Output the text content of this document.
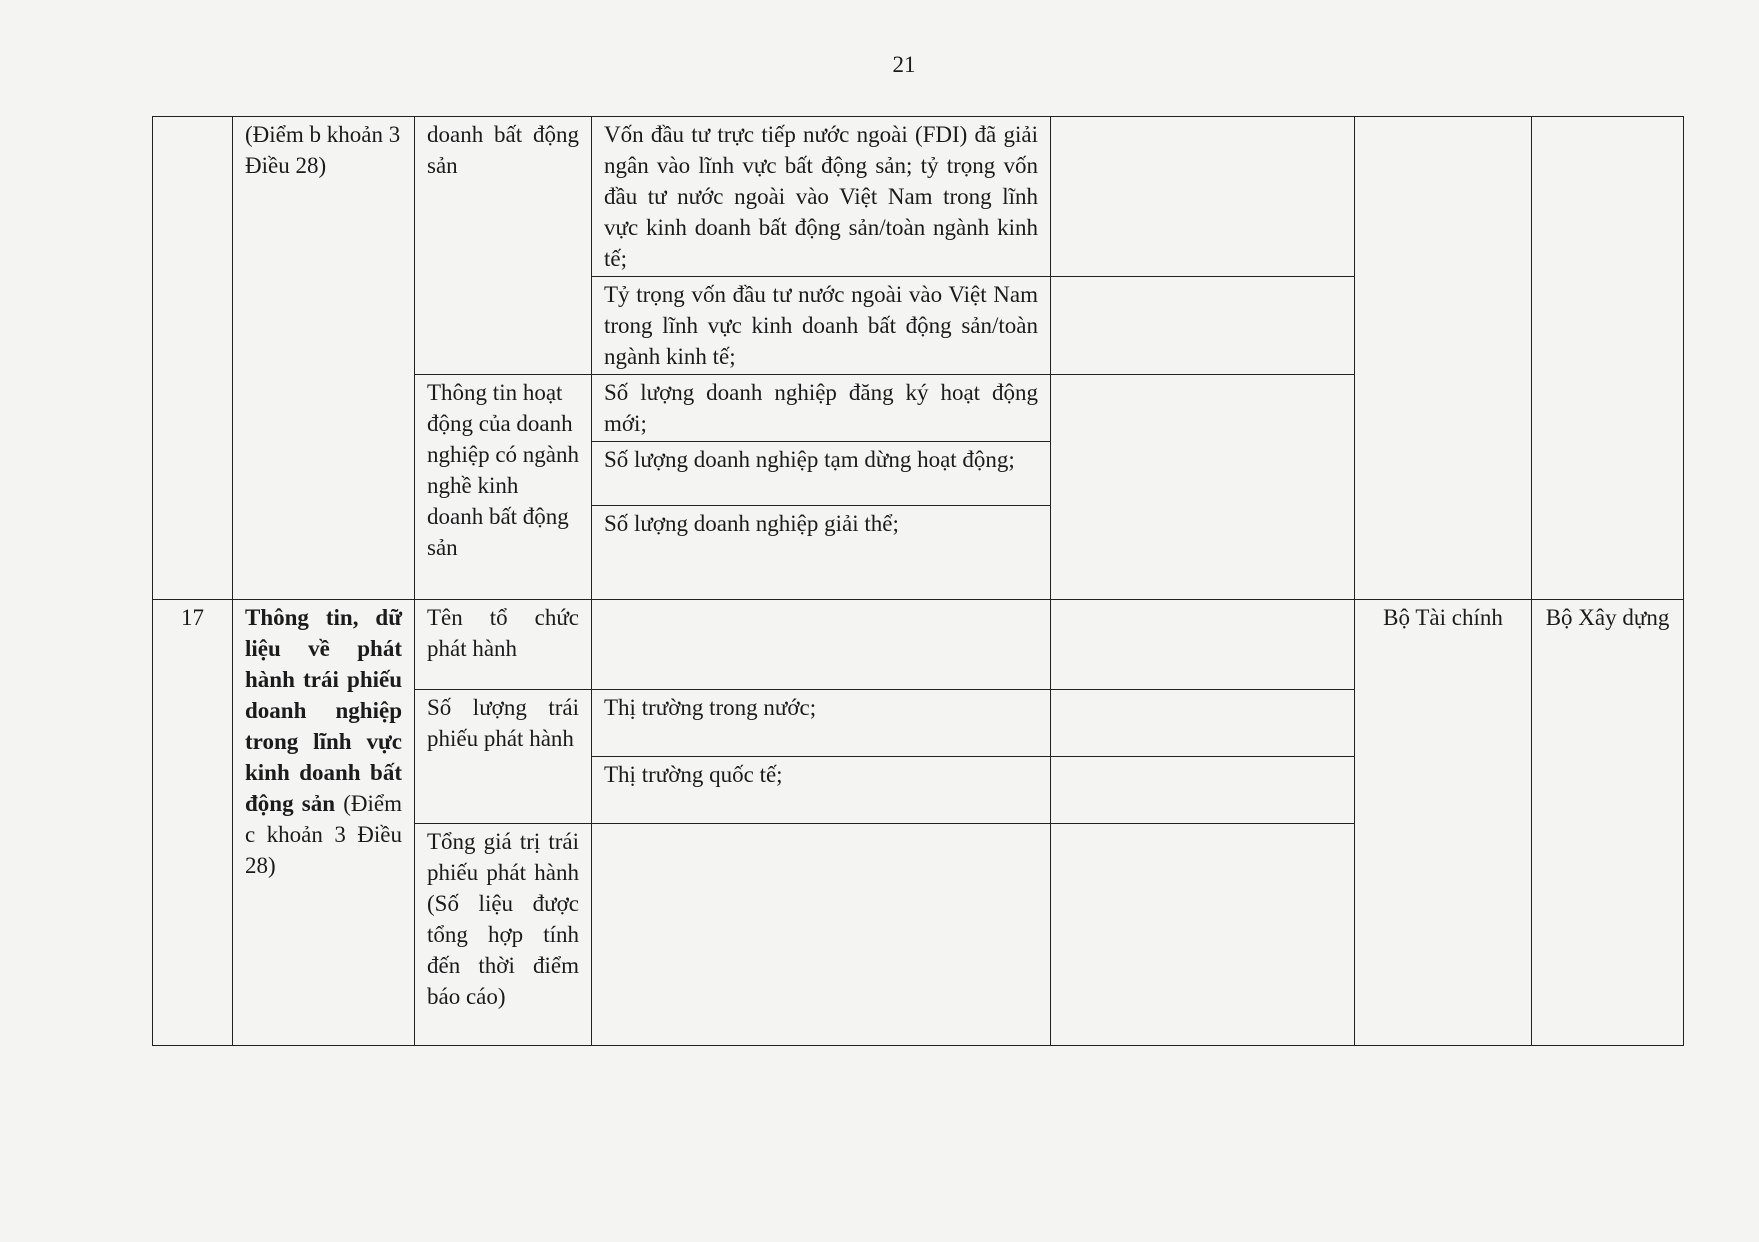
21
	(Điểm b khoản 3 Điều 28)	doanh bất động sản	Vốn đầu tư trực tiếp nước ngoài (FDI) đã giải ngân vào lĩnh vực bất động sản; tỷ trọng vốn đầu tư nước ngoài vào Việt Nam trong lĩnh vực kinh doanh bất động sản/toàn ngành kinh tế;			
			Tỷ trọng vốn đầu tư nước ngoài vào Việt Nam trong lĩnh vực kinh doanh bất động sản/toàn ngành kinh tế;			
		Thông tin hoạt động của doanh nghiệp có ngành nghề kinh doanh bất động sản	Số lượng doanh nghiệp đăng ký hoạt động mới;			
			Số lượng doanh nghiệp tạm dừng hoạt động;			
			Số lượng doanh nghiệp giải thể;			
17	Thông tin, dữ liệu về phát hành trái phiếu doanh nghiệp trong lĩnh vực kinh doanh bất động sản (Điểm c khoản 3 Điều 28)	Tên tổ chức phát hành			Bộ Tài chính	Bộ Xây dựng
		Số lượng trái phiếu phát hành	Thị trường trong nước;			
			Thị trường quốc tế;			
		Tổng giá trị trái phiếu phát hành (Số liệu được tổng hợp tính đến thời điểm báo cáo)				
